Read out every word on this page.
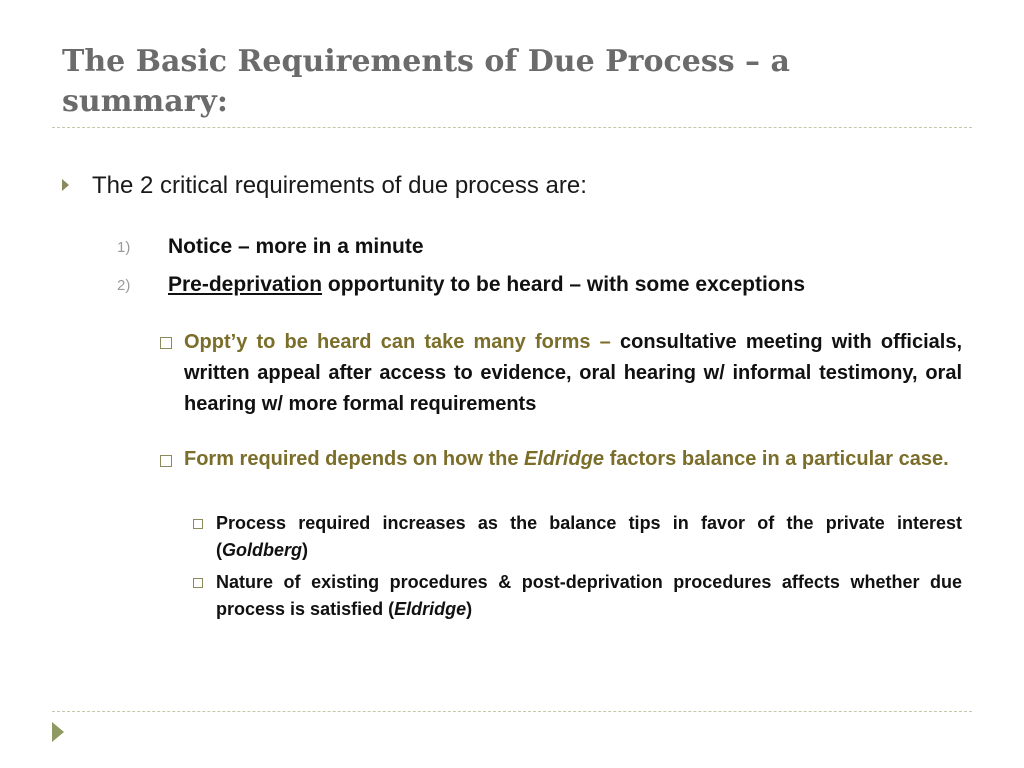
The Basic Requirements of Due Process – a summary:
The 2 critical requirements of due process are:
1) Notice – more in a minute
2) Pre-deprivation opportunity to be heard – with some exceptions
Oppt’y to be heard can take many forms – consultative meeting with officials, written appeal after access to evidence, oral hearing w/ informal testimony, oral hearing w/ more formal requirements
Form required depends on how the Eldridge factors balance in a particular case.
Process required increases as the balance tips in favor of the private interest (Goldberg)
Nature of existing procedures & post-deprivation procedures affects whether due process is satisfied (Eldridge)
